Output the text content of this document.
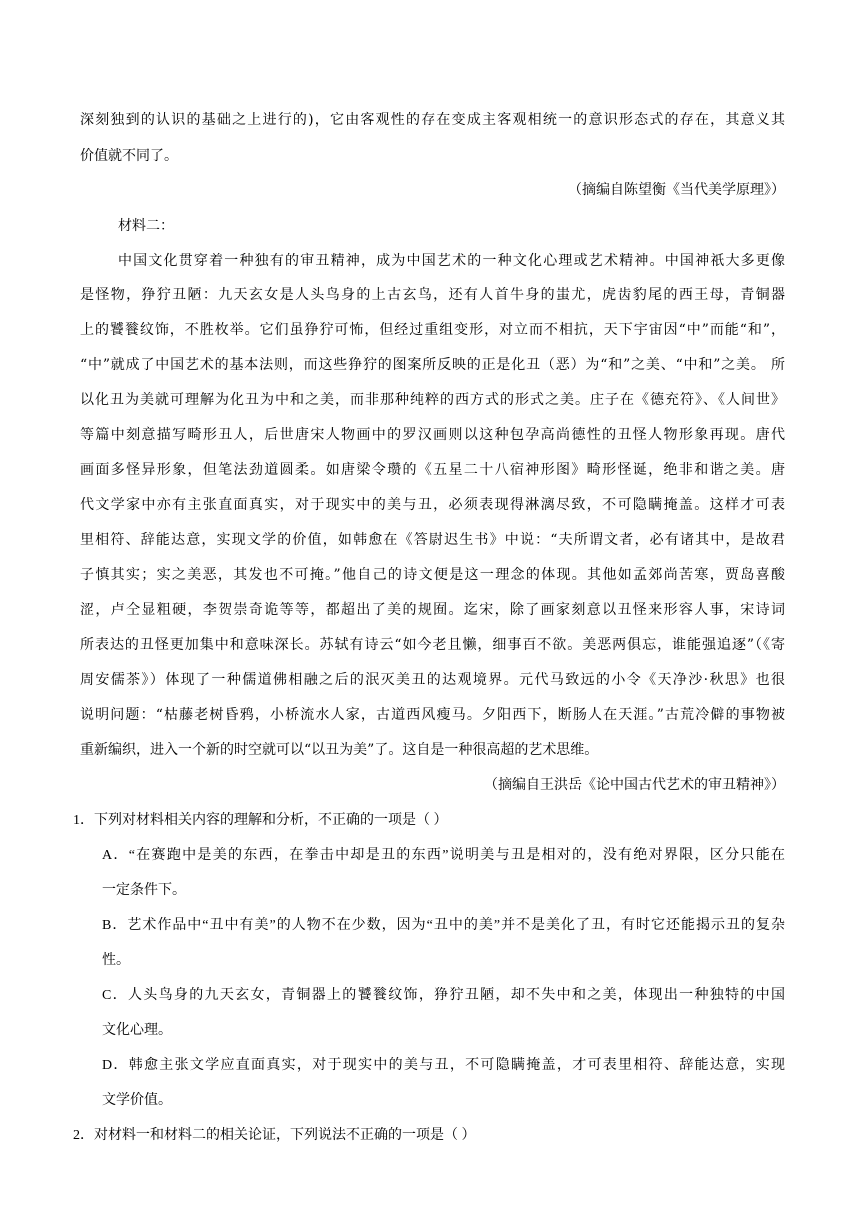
深刻独到的认识的基础之上进行的)，它由客观性的存在变成主客观相统一的意识形态式的存在，其意义其
价值就不同了。
（摘编自陈望衡《当代美学原理》）
材料二：
中国文化贯穿着一种独有的审丑精神，成为中国艺术的一种文化心理或艺术精神。中国神祇大多更像
是怪物，狰狞丑陋：九天玄女是人头鸟身的上古玄鸟，还有人首牛身的蚩尤，虎齿豹尾的西王母，青铜器
上的饕餮纹饰，不胜枚举。它们虽狰狞可怖，但经过重组变形，对立而不相抗，天下宇宙因“中”而能“和”，
“中”就成了中国艺术的基本法则，而这些狰狞的图案所反映的正是化丑（恶）为“和”之美、“中和”之美。 所
以化丑为美就可理解为化丑为中和之美，而非那种纯粹的西方式的形式之美。庄子在《德充符》、《人间世》
等篇中刻意描写畸形丑人，后世唐宋人物画中的罗汉画则以这种包孕高尚德性的丑怪人物形象再现。唐代
画面多怪异形象，但笔法劲道圆柔。如唐梁令瓒的《五星二十八宿神形图》畸形怪诞，绝非和谐之美。唐
代文学家中亦有主张直面真实，对于现实中的美与丑，必须表现得淋漓尽致，不可隐瞒掩盖。这样才可表
里相符、辞能达意，实现文学的价值，如韩愈在《答尉迟生书》中说：“夫所谓文者，必有诸其中，是故君
子慎其实；实之美恶，其发也不可掩。”他自己的诗文便是这一理念的体现。其他如孟郊尚苦寒，贾岛喜酸
涩，卢仝显粗硬，李贺崇奇诡等等，都超出了美的规囿。迄宋，除了画家刻意以丑怪来形容人事，宋诗词
所表达的丑怪更加集中和意味深长。苏轼有诗云“如今老且懒，细事百不欲。美恶两俱忘，谁能强追逐”（《寄
周安儒茶》）体现了一种儒道佛相融之后的泯灭美丑的达观境界。元代马致远的小令《天净沙·秋思》也很
说明问题：“枯藤老树昏鸦，小桥流水人家，古道西风瘦马。夕阳西下，断肠人在天涯。”古荒冷僻的事物被
重新编织，进入一个新的时空就可以“以丑为美”了。这自是一种很高超的艺术思维。
（摘编自王洪岳《论中国古代艺术的审丑精神》）
1．下列对材料相关内容的理解和分析，不正确的一项是（ ）
A．“在赛跑中是美的东西，在拳击中却是丑的东西”说明美与丑是相对的，没有绝对界限，区分只能在
一定条件下。
B．艺术作品中“丑中有美”的人物不在少数，因为“丑中的美”并不是美化了丑，有时它还能揭示丑的复杂
性。
C．人头鸟身的九天玄女，青铜器上的饕餮纹饰，狰狞丑陋，却不失中和之美，体现出一种独特的中国
文化心理。
D．韩愈主张文学应直面真实，对于现实中的美与丑，不可隐瞒掩盖，才可表里相符、辞能达意，实现
文学价值。
2．对材料一和材料二的相关论证，下列说法不正确的一项是（ ）
